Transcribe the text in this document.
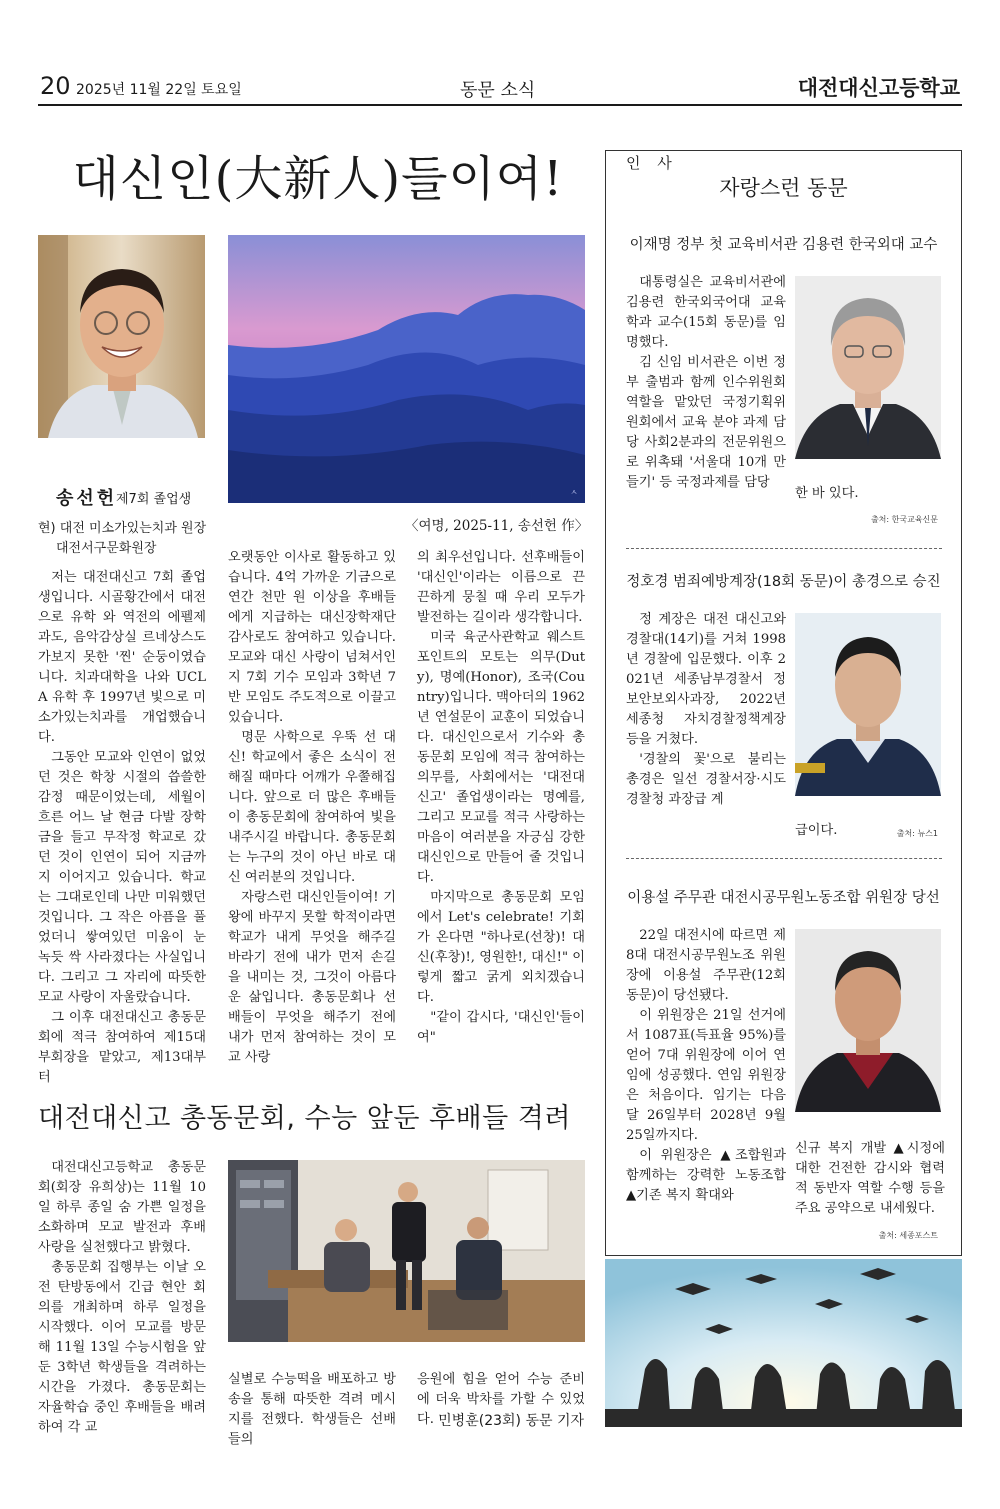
20 2025년 11월 22일 토요일	동문 소식	대전대신고등학교
대신인(大新人)들이여!
ㅅ
송선헌
제7회 졸업생
현) 대전 미소가있는치과 원장
대전서구문화원장
〈여명, 2025-11, 송선헌 作〉

저는 대전대신고 7회 졸업생입니다. 시골황간에서 대전으로 유학 와 역전의 에펠제과도, 음악감상실 르네상스도 가보지 못한 '찐' 순둥이였습니다. 치과대학을 나와 UCLA 유학 후 1997년 빛으로 미소가있는치과를 개업했습니다.

그동안 모교와 인연이 없었던 것은 학창 시절의 씁쓸한 감정 때문이었는데, 세월이 흐른 어느 날 현금 다발 장학금을 들고 무작정 학교로 갔던 것이 인연이 되어 지금까지 이어지고 있습니다. 학교는 그대로인데 나만 미워했던 것입니다. 그 작은 아픔을 풀었더니 쌓여있던 미움이 눈 녹듯 싹 사라졌다는 사실입니다. 그리고 그 자리에 따뜻한 모교 사랑이 자울랐습니다.

그 이후 대전대신고 총동문회에 적극 참여하여 제15대 부회장을 맡았고, 제13대부터

오랫동안 이사로 활동하고 있습니다. 4억 가까운 기금으로 연간 천만 원 이상을 후배들에게 지급하는 대신장학재단 감사로도 참여하고 있습니다. 모교와 대신 사랑이 넘쳐서인지 7회 기수 모임과 3학년 7반 모임도 주도적으로 이끌고 있습니다.

명문 사학으로 우뚝 선 대신! 학교에서 좋은 소식이 전해질 때마다 어깨가 우쭐해집니다. 앞으로 더 많은 후배들이 총동문회에 참여하여 빛을 내주시길 바랍니다. 총동문회는 누구의 것이 아닌 바로 대신 여러분의 것입니다.

자랑스런 대신인들이여! 기왕에 바꾸지 못할 학적이라면 학교가 내게 무엇을 해주길 바라기 전에 내가 먼저 손길을 내미는 것, 그것이 아름다운 삶입니다. 총동문회나 선배들이 무엇을 해주기 전에 내가 먼저 참여하는 것이 모교 사랑

의 최우선입니다. 선후배들이 '대신인'이라는 이름으로 끈끈하게 뭉칠 때 우리 모두가 발전하는 길이라 생각합니다.

미국 육군사관학교 웨스트포인트의 모토는 의무(Duty), 명예(Honor), 조국(Country)입니다. 맥아더의 1962년 연설문이 교훈이 되었습니다. 대신인으로서 기수와 총동문회 모임에 적극 참여하는 의무를, 사회에서는 '대전대신고' 졸업생이라는 명예를, 그리고 모교를 적극 사랑하는 마음이 여러분을 자긍심 강한 대신인으로 만들어 줄 것입니다.

마지막으로 총동문회 모임에서 Let's celebrate! 기회가 온다면 "하나로(선창)! 대신(후창)!, 영원한!, 대신!" 이렇게 짧고 굵게 외치겠습니다.

"같이 갑시다, '대신인'들이여"

대전대신고 총동문회, 수능 앞둔 후배들 격려

대전대신고등학교 총동문회(회장 유희상)는 11월 10일 하루 종일 숨 가쁜 일정을 소화하며 모교 발전과 후배 사랑을 실천했다고 밝혔다.

총동문회 집행부는 이날 오전 탄방동에서 긴급 현안 회의를 개최하며 하루 일정을 시작했다. 이어 모교를 방문해 11월 13일 수능시험을 앞둔 3학년 학생들을 격려하는 시간을 가졌다. 총동문회는 자율학습 중인 후배들을 배려하여 각 교

실별로 수능떡을 배포하고 방송을 통해 따뜻한 격려 메시지를 전했다. 학생들은 선배들의

응원에 힘을 얻어 수능 준비에 더욱 박차를 가할 수 있었다. 민병훈(23회) 동문 기자
인 사
자랑스런 동문
이재명 정부 첫 교육비서관 김용련 한국외대 교수

대통령실은 교육비서관에 김용련 한국외국어대 교육학과 교수(15회 동문)를 임명했다.

김 신임 비서관은 이번 정부 출범과 함께 인수위원회 역할을 맡았던 국정기획위원회에서 교육 분야 과제 담당 사회2분과의 전문위원으로 위촉돼 '서울대 10개 만들기' 등 국정과제를 담당

한 바 있다.
출처: 한국교육신문
정호경 범죄예방계장(18회 동문)이 총경으로 승진

정 계장은 대전 대신고와 경찰대(14기)를 거쳐 1998년 경찰에 입문했다. 이후 2021년 세종남부경찰서 정보안보외사과장, 2022년 세종청 자치경찰정책계장 등을 거쳤다.

'경찰의 꽃'으로 불리는 총경은 일선 경찰서장·시도경찰청 과장급 계

급이다.	출처: 뉴스1
이용설 주무관 대전시공무원노동조합 위원장 당선

22일 대전시에 따르면 제8대 대전시공무원노조 위원장에 이용설 주무관(12회 동문)이 당선됐다.

이 위원장은 21일 선거에서 1087표(득표율 95%)를 얻어 7대 위원장에 이어 연임에 성공했다. 연임 위원장은 처음이다. 임기는 다음 달 26일부터 2028년 9월 25일까지다.

이 위원장은 ▲조합원과 함께하는 강력한 노동조합 ▲기존 복지 확대와

신규 복지 개발 ▲시정에 대한 건전한 감시와 협력적 동반자 역할 수행 등을 주요 공약으로 내세웠다.
출처: 세종포스트
